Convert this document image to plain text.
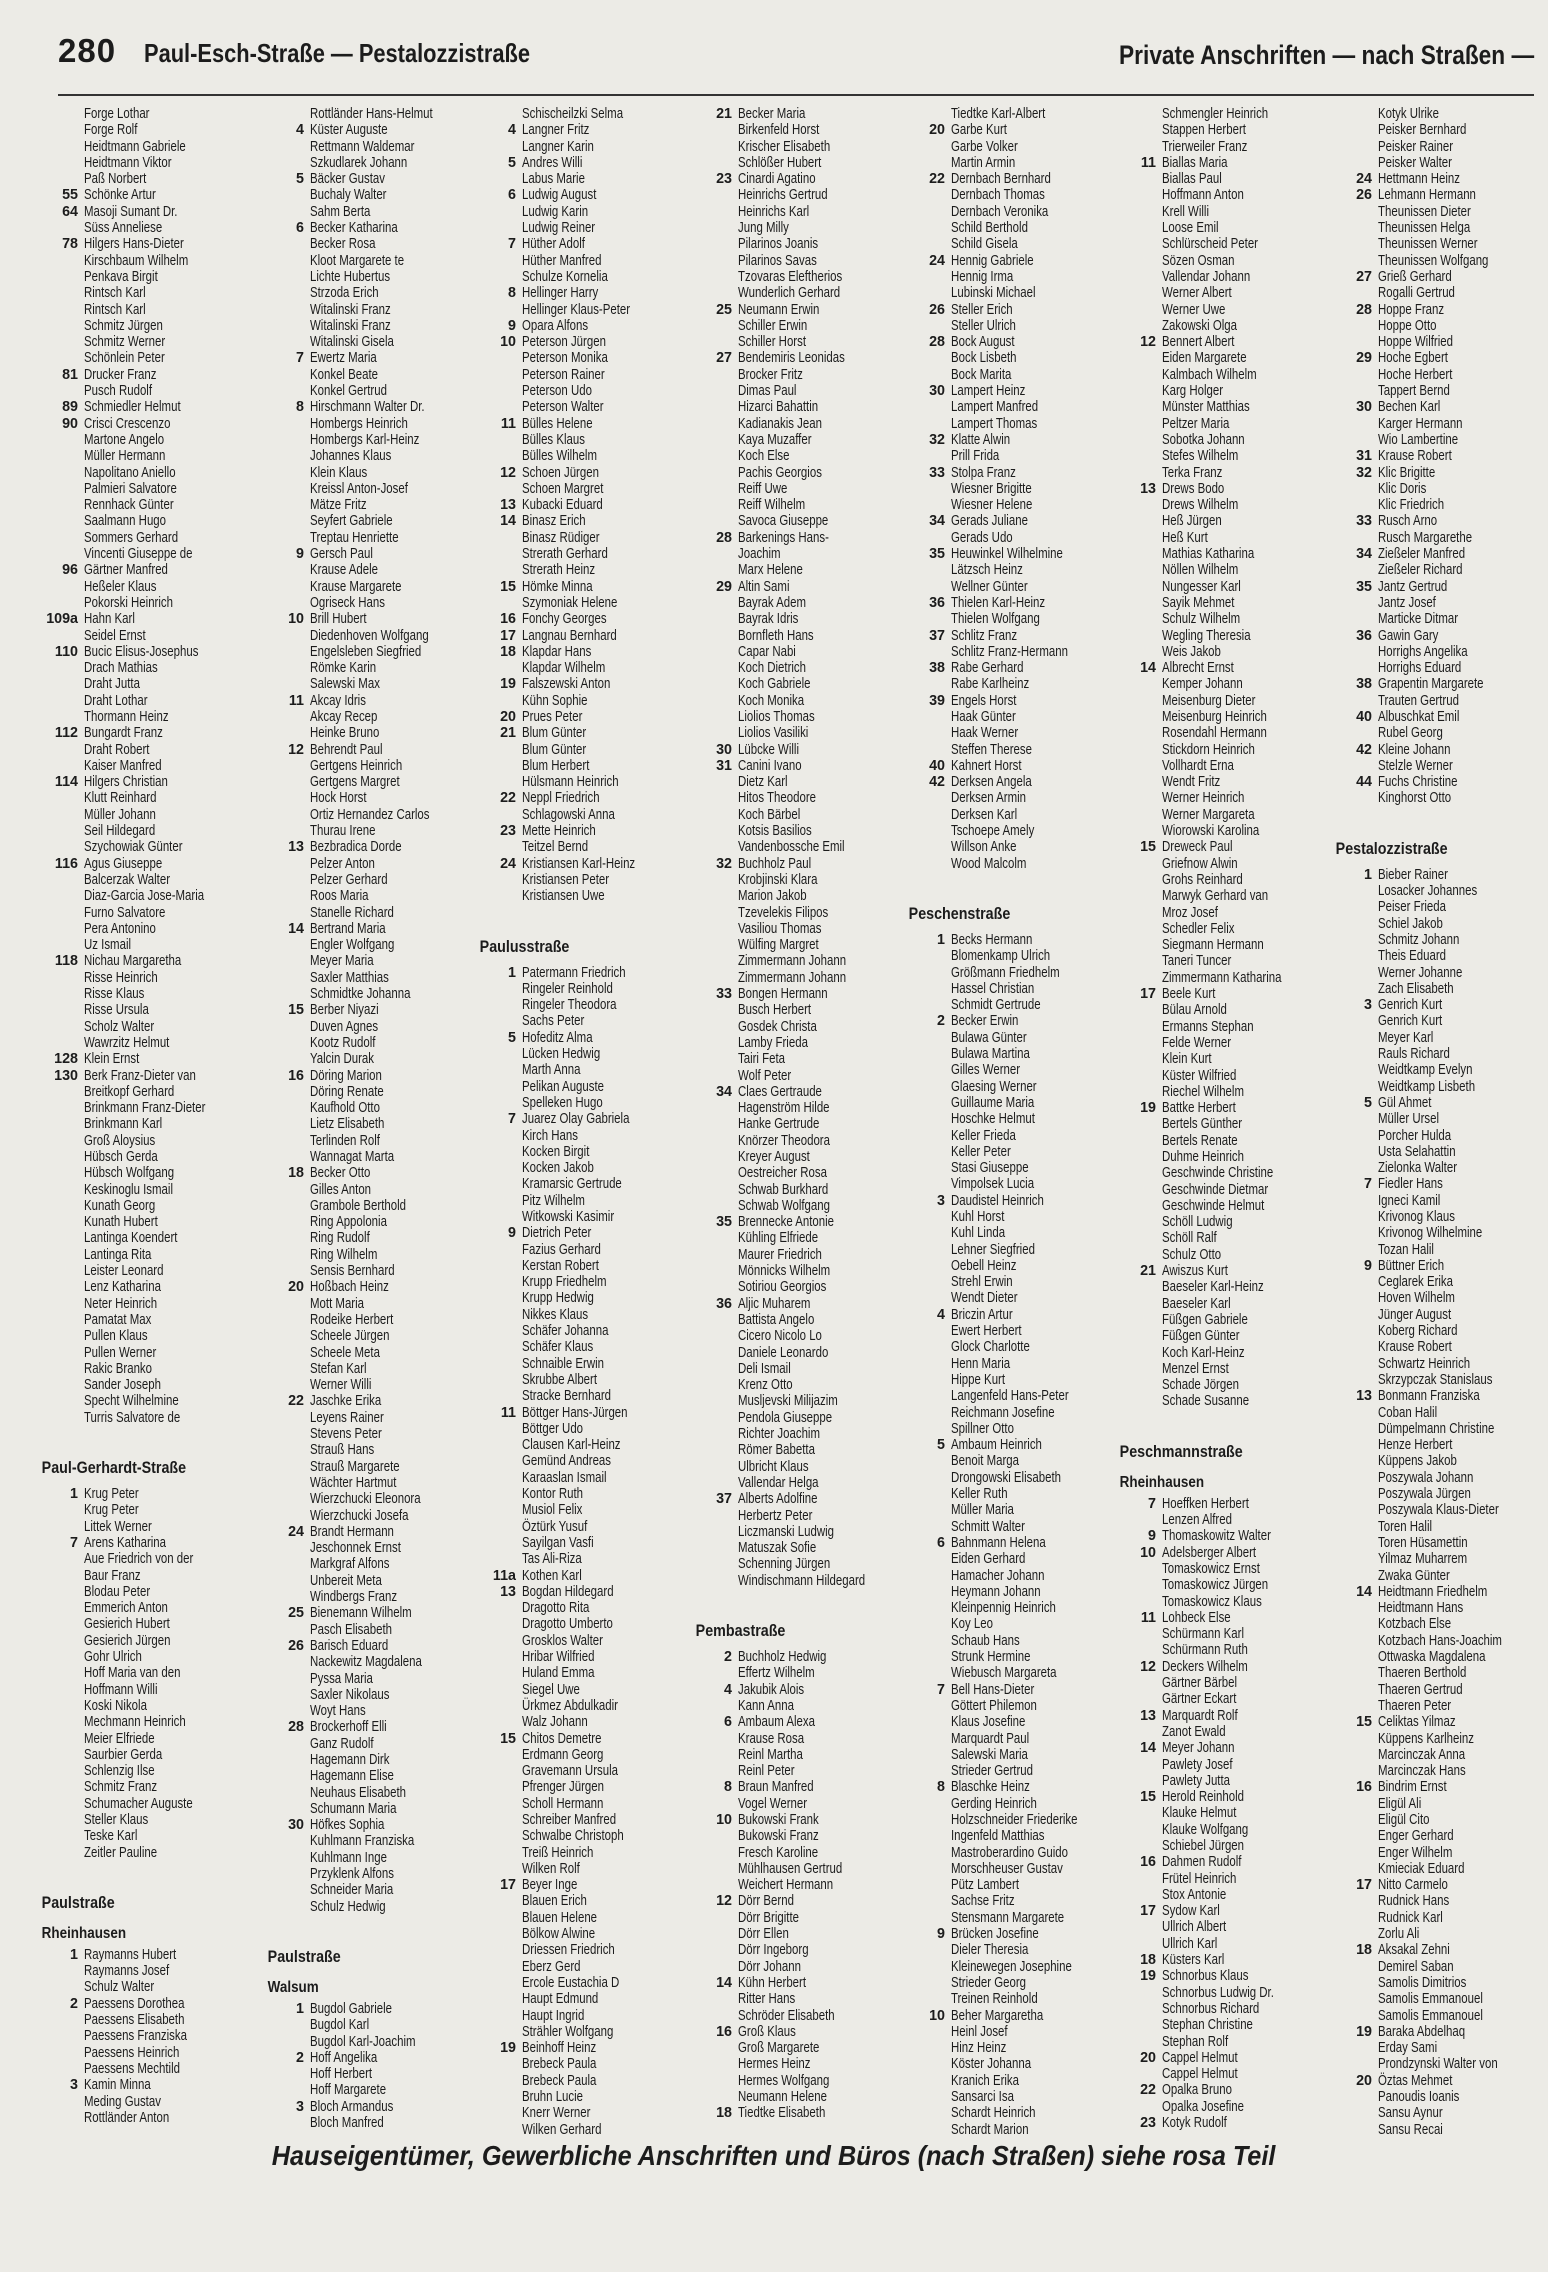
280 Paul-Esch-Straße — Pestalozzistraße	Private Anschriften — nach Straßen —
Forge Lothar
Forge Rolf
Heidtmann Gabriele
Heidtmann Viktor
Paß Norbert
55 Schönke Artur
64 Masoji Sumant Dr.
Süss Anneliese
78 Hilgers Hans-Dieter
Kirschbaum Wilhelm
Penkava Birgit
Rintsch Karl
Rintsch Karl
Schmitz Jürgen
Schmitz Werner
Schönlein Peter
81 Drucker Franz
Pusch Rudolf
89 Schmiedler Helmut
90 Crisci Crescenzo
Martone Angelo
Müller Hermann
Napolitano Aniello
Palmieri Salvatore
Rennhack Günter
Saalmann Hugo
Sommers Gerhard
Vincenti Giuseppe de
96 Gärtner Manfred
Heßeler Klaus
Pokorski Heinrich
109a Hahn Karl
Seidel Ernst
110 Bucic Elisus-Josephus
Drach Mathias
Draht Jutta
Draht Lothar
Thormann Heinz
112 Bungardt Franz
Draht Robert
Kaiser Manfred
114 Hilgers Christian
Klutt Reinhard
Müller Johann
Seil Hildegard
Szychowiak Günter
116 Agus Giuseppe
Balcerzak Walter
Diaz-Garcia Jose-Maria
Furno Salvatore
Pera Antonino
Uz Ismail
118 Nichau Margaretha
Risse Heinrich
Risse Klaus
Risse Ursula
Scholz Walter
Wawrzitz Helmut
128 Klein Ernst
130 Berk Franz-Dieter van
Breitkopf Gerhard
Brinkmann Franz-Dieter
Brinkmann Karl
Groß Aloysius
Hübsch Gerda
Hübsch Wolfgang
Keskinoglu Ismail
Kunath Georg
Kunath Hubert
Lantinga Koendert
Lantinga Rita
Leister Leonard
Lenz Katharina
Neter Heinrich
Pamatat Max
Pullen Klaus
Pullen Werner
Rakic Branko
Sander Joseph
Specht Wilhelmine
Turris Salvatore de
Paul-Gerhardt-Straße
1 Krug Peter
Krug Peter
Littek Werner
7 Arens Katharina
Aue Friedrich von der
Baur Franz
Blodau Peter
Emmerich Anton
Gesierich Hubert
Gesierich Jürgen
Gohr Ulrich
Hoff Maria van den
Hoffmann Willi
Koski Nikola
Mechmann Heinrich
Meier Elfriede
Saurbier Gerda
Schlenzig Ilse
Schmitz Franz
Schumacher Auguste
Steller Klaus
Teske Karl
Zeitler Pauline
Paulstraße
Rheinhausen
1 Raymanns Hubert
Raymanns Josef
Schulz Walter
2 Paessens Dorothea
Paessens Elisabeth
Paessens Franziska
Paessens Heinrich
Paessens Mechtild
3 Kamin Minna
Meding Gustav
Rottländer Anton
Rottländer Hans-Helmut
4 Küster Auguste
Rettmann Waldemar
Szkudlarek Johann
5 Bäcker Gustav
Buchaly Walter
Sahm Berta
6 Becker Katharina
Becker Rosa
Kloot Margarete te
Lichte Hubertus
Strzoda Erich
Witalinski Franz
Witalinski Franz
Witalinski Gisela
7 Ewertz Maria
Konkel Beate
Konkel Gertrud
8 Hirschmann Walter Dr.
Hombergs Heinrich
Hombergs Karl-Heinz
Johannes Klaus
Klein Klaus
Kreissl Anton-Josef
Mätze Fritz
Seyfert Gabriele
Treptau Henriette
9 Gersch Paul
Krause Adele
Krause Margarete
Ogriseck Hans
10 Brill Hubert
Diedenhoven Wolfgang
Engelsleben Siegfried
Römke Karin
Salewski Max
11 Akcay Idris
Akcay Recep
Heinke Bruno
12 Behrendt Paul
Gertgens Heinrich
Gertgens Margret
Hock Horst
Ortiz Hernandez Carlos
Thurau Irene
13 Bezbradica Dorde
Pelzer Anton
Pelzer Gerhard
Roos Maria
Stanelle Richard
14 Bertrand Maria
Engler Wolfgang
Meyer Maria
Saxler Matthias
Schmidtke Johanna
15 Berber Niyazi
Duven Agnes
Kootz Rudolf
Yalcin Durak
16 Döring Marion
Döring Renate
Kaufhold Otto
Lietz Elisabeth
Terlinden Rolf
Wannagat Marta
18 Becker Otto
Gilles Anton
Grambole Berthold
Ring Appolonia
Ring Rudolf
Ring Wilhelm
Sensis Bernhard
20 Hoßbach Heinz
Mott Maria
Rodeike Herbert
Scheele Jürgen
Scheele Meta
Stefan Karl
Werner Willi
22 Jaschke Erika
Leyens Rainer
Stevens Peter
Strauß Hans
Strauß Margarete
Wächter Hartmut
Wierzchucki Eleonora
Wierzchucki Josefa
24 Brandt Hermann
Jeschonnek Ernst
Markgraf Alfons
Unbereit Meta
Windbergs Franz
25 Bienemann Wilhelm
Pasch Elisabeth
26 Barisch Eduard
Nackewitz Magdalena
Pyssa Maria
Saxler Nikolaus
Woyt Hans
28 Brockerhoff Elli
Ganz Rudolf
Hagemann Dirk
Hagemann Elise
Neuhaus Elisabeth
Schumann Maria
30 Höfkes Sophia
Kuhlmann Franziska
Kuhlmann Inge
Przyklenk Alfons
Schneider Maria
Schulz Hedwig
Paulstraße
Walsum
1 Bugdol Gabriele
Bugdol Karl
Bugdol Karl-Joachim
2 Hoff Angelika
Hoff Herbert
Hoff Margarete
3 Bloch Armandus
Bloch Manfred
Schischeilzki Selma
4 Langner Fritz
Langner Karin
5 Andres Willi
Labus Marie
6 Ludwig August
Ludwig Karin
Ludwig Reiner
7 Hüther Adolf
Hüther Manfred
Schulze Kornelia
8 Hellinger Harry
Hellinger Klaus-Peter
9 Opara Alfons
10 Peterson Jürgen
Peterson Monika
Peterson Rainer
Peterson Udo
Peterson Walter
11 Bülles Helene
Bülles Klaus
Bülles Wilhelm
12 Schoen Jürgen
Schoen Margret
13 Kubacki Eduard
14 Binasz Erich
Binasz Rüdiger
Strerath Gerhard
Strerath Heinz
15 Hömke Minna
Szymoniak Helene
16 Fonchy Georges
17 Langnau Bernhard
18 Klapdar Hans
Klapdar Wilhelm
19 Falszewski Anton
Kühn Sophie
20 Prues Peter
21 Blum Günter
Blum Günter
Blum Herbert
Hülsmann Heinrich
22 Neppl Friedrich
Schlagowski Anna
23 Mette Heinrich
Teitzel Bernd
24 Kristiansen Karl-Heinz
Kristiansen Peter
Kristiansen Uwe
Paulusstraße
1 Patermann Friedrich
Ringeler Reinhold
Ringeler Theodora
Sachs Peter
5 Hofeditz Alma
Lücken Hedwig
Marth Anna
Pelikan Auguste
Spelleken Hugo
7 Juarez Olay Gabriela
Kirch Hans
Kocken Birgit
Kocken Jakob
Kramarsic Gertrude
Pitz Wilhelm
Witkowski Kasimir
9 Dietrich Peter
Fazius Gerhard
Kerstan Robert
Krupp Friedhelm
Krupp Hedwig
Nikkes Klaus
Schäfer Johanna
Schäfer Klaus
Schnaible Erwin
Skrubbe Albert
Stracke Bernhard
11 Böttger Hans-Jürgen
Böttger Udo
Clausen Karl-Heinz
Gemünd Andreas
Karaaslan Ismail
Kontor Ruth
Musiol Felix
Öztürk Yusuf
Sayilgan Vasfi
Tas Ali-Riza
11a Kothen Karl
13 Bogdan Hildegard
Dragotto Rita
Dragotto Umberto
Grosklos Walter
Hribar Wilfried
Huland Emma
Siegel Uwe
Ürkmez Abdulkadir
Walz Johann
15 Chitos Demetre
Erdmann Georg
Gravemann Ursula
Pfrenger Jürgen
Scholl Hermann
Schreiber Manfred
Schwalbe Christoph
Treiß Heinrich
Wilken Rolf
17 Beyer Inge
Blauen Erich
Blauen Helene
Bölkow Alwine
Driessen Friedrich
Eberz Gerd
Ercole Eustachia D
Haupt Edmund
Haupt Ingrid
Strähler Wolfgang
19 Beinhoff Heinz
Brebeck Paula
Brebeck Paula
Bruhn Lucie
Knerr Werner
Wilken Gerhard
21 Becker Maria
Birkenfeld Horst
Krischer Elisabeth
Schlößer Hubert
23 Cinardi Agatino
Heinrichs Gertrud
Heinrichs Karl
Jung Milly
Pilarinos Joanis
Pilarinos Savas
Tzovaras Eleftherios
Wunderlich Gerhard
25 Neumann Erwin
Schiller Erwin
Schiller Horst
27 Bendemiris Leonidas
Brocker Fritz
Dimas Paul
Hizarci Bahattin
Kadianakis Jean
Kaya Muzaffer
Koch Else
Pachis Georgios
Reiff Uwe
Reiff Wilhelm
Savoca Giuseppe
28 Barkenings Hans-
Joachim
Marx Helene
29 Altin Sami
Bayrak Adem
Bayrak Idris
Bornfleth Hans
Capar Nabi
Koch Dietrich
Koch Gabriele
Koch Monika
Liolios Thomas
Liolios Vasiliki
30 Lübcke Willi
31 Canini Ivano
Dietz Karl
Hitos Theodore
Koch Bärbel
Kotsis Basilios
Vandenbossche Emil
32 Buchholz Paul
Krobjinski Klara
Marion Jakob
Tzevelekis Filipos
Vasiliou Thomas
Wülfing Margret
Zimmermann Johann
Zimmermann Johann
33 Bongen Hermann
Busch Herbert
Gosdek Christa
Lamby Frieda
Tairi Feta
Wolf Peter
34 Claes Gertraude
Hagenström Hilde
Hanke Gertrude
Knörzer Theodora
Kreyer August
Oestreicher Rosa
Schwab Burkhard
Schwab Wolfgang
35 Brennecke Antonie
Kühling Elfriede
Maurer Friedrich
Mönnicks Wilhelm
Sotiriou Georgios
36 Aljic Muharem
Battista Angelo
Cicero Nicolo Lo
Daniele Leonardo
Deli Ismail
Krenz Otto
Musljevski Milijazim
Pendola Giuseppe
Richter Joachim
Römer Babetta
Ulbricht Klaus
Vallendar Helga
37 Alberts Adolfine
Herbertz Peter
Liczmanski Ludwig
Matuszak Sofie
Schenning Jürgen
Windischmann Hildegard
Pembastraße
2 Buchholz Hedwig
Effertz Wilhelm
4 Jakubik Alois
Kann Anna
6 Ambaum Alexa
Krause Rosa
Reinl Martha
Reinl Peter
8 Braun Manfred
Vogel Werner
10 Bukowski Frank
Bukowski Franz
Fresch Karoline
Mühlhausen Gertrud
Weichert Hermann
12 Dörr Bernd
Dörr Brigitte
Dörr Ellen
Dörr Ingeborg
Dörr Johann
14 Kühn Herbert
Ritter Hans
Schröder Elisabeth
16 Groß Klaus
Groß Margarete
Hermes Heinz
Hermes Wolfgang
Neumann Helene
18 Tiedtke Elisabeth
Tiedtke Karl-Albert
20 Garbe Kurt
Garbe Volker
Martin Armin
22 Dernbach Bernhard
Dernbach Thomas
Dernbach Veronika
Schild Berthold
Schild Gisela
24 Hennig Gabriele
Hennig Irma
Lubinski Michael
26 Steller Erich
Steller Ulrich
28 Bock August
Bock Lisbeth
Bock Marita
30 Lampert Heinz
Lampert Manfred
Lampert Thomas
32 Klatte Alwin
Prill Frida
33 Stolpa Franz
Wiesner Brigitte
Wiesner Helene
34 Gerads Juliane
Gerads Udo
35 Heuwinkel Wilhelmine
Lätzsch Heinz
Wellner Günter
36 Thielen Karl-Heinz
Thielen Wolfgang
37 Schlitz Franz
Schlitz Franz-Hermann
38 Rabe Gerhard
Rabe Karlheinz
39 Engels Horst
Haak Günter
Haak Werner
Steffen Therese
40 Kahnert Horst
42 Derksen Angela
Derksen Armin
Derksen Karl
Tschoepe Amely
Willson Anke
Wood Malcolm
Peschenstraße
1 Becks Hermann
Blomenkamp Ulrich
Größmann Friedhelm
Hassel Christian
Schmidt Gertrude
2 Becker Erwin
Bulawa Günter
Bulawa Martina
Gilles Werner
Glaesing Werner
Guillaume Maria
Hoschke Helmut
Keller Frieda
Keller Peter
Stasi Giuseppe
Vimpolsek Lucia
3 Daudistel Heinrich
Kuhl Horst
Kuhl Linda
Lehner Siegfried
Oebell Heinz
Strehl Erwin
Wendt Dieter
4 Briczin Artur
Ewert Herbert
Glock Charlotte
Henn Maria
Hippe Kurt
Langenfeld Hans-Peter
Reichmann Josefine
Spillner Otto
5 Ambaum Heinrich
Benoit Marga
Drongowski Elisabeth
Keller Ruth
Müller Maria
Schmitt Walter
6 Bahnmann Helena
Eiden Gerhard
Hamacher Johann
Heymann Johann
Kleinpennig Heinrich
Koy Leo
Schaub Hans
Strunk Hermine
Wiebusch Margareta
7 Bell Hans-Dieter
Göttert Philemon
Klaus Josefine
Marquardt Paul
Salewski Maria
Strieder Gertrud
8 Blaschke Heinz
Gerding Heinrich
Holzschneider Friederike
Ingenfeld Matthias
Mastroberardino Guido
Morschheuser Gustav
Pütz Lambert
Sachse Fritz
Stensmann Margarete
9 Brücken Josefine
Dieler Theresia
Kleinewegen Josephine
Strieder Georg
Treinen Reinhold
10 Beher Margaretha
Heinl Josef
Hinz Heinz
Köster Johanna
Kranich Erika
Sansarci Isa
Schardt Heinrich
Schardt Marion
Schmengler Heinrich
Stappen Herbert
Trierweiler Franz
11 Biallas Maria
Biallas Paul
Hoffmann Anton
Krell Willi
Loose Emil
Schlürscheid Peter
Sözen Osman
Vallendar Johann
Werner Albert
Werner Uwe
Zakowski Olga
12 Bennert Albert
Eiden Margarete
Kalmbach Wilhelm
Karg Holger
Münster Matthias
Peltzer Maria
Sobotka Johann
Stefes Wilhelm
Terka Franz
13 Drews Bodo
Drews Wilhelm
Heß Jürgen
Heß Kurt
Mathias Katharina
Nöllen Wilhelm
Nungesser Karl
Sayik Mehmet
Schulz Wilhelm
Wegling Theresia
Weis Jakob
14 Albrecht Ernst
Kemper Johann
Meisenburg Dieter
Meisenburg Heinrich
Rosendahl Hermann
Stickdorn Heinrich
Vollhardt Erna
Wendt Fritz
Werner Heinrich
Werner Margareta
Wiorowski Karolina
15 Dreweck Paul
Griefnow Alwin
Grohs Reinhard
Marwyk Gerhard van
Mroz Josef
Schedler Felix
Siegmann Hermann
Taneri Tuncer
Zimmermann Katharina
17 Beele Kurt
Bülau Arnold
Ermanns Stephan
Felde Werner
Klein Kurt
Küster Wilfried
Riechel Wilhelm
19 Battke Herbert
Bertels Günther
Bertels Renate
Duhme Heinrich
Geschwinde Christine
Geschwinde Dietmar
Geschwinde Helmut
Schöll Ludwig
Schöll Ralf
Schulz Otto
21 Awiszus Kurt
Baeseler Karl-Heinz
Baeseler Karl
Füßgen Gabriele
Füßgen Günter
Koch Karl-Heinz
Menzel Ernst
Schade Jörgen
Schade Susanne
Peschmannstraße
Rheinhausen
7 Hoeffken Herbert
Lenzen Alfred
9 Thomaskowitz Walter
10 Adelsberger Albert
Tomaskowicz Ernst
Tomaskowicz Jürgen
Tomaskowicz Klaus
11 Lohbeck Else
Schürmann Karl
Schürmann Ruth
12 Deckers Wilhelm
Gärtner Bärbel
Gärtner Eckart
13 Marquardt Rolf
Zanot Ewald
14 Meyer Johann
Pawlety Josef
Pawlety Jutta
15 Herold Reinhold
Klauke Helmut
Klauke Wolfgang
Schiebel Jürgen
16 Dahmen Rudolf
Frütel Heinrich
Stox Antonie
17 Sydow Karl
Ullrich Albert
Ullrich Karl
18 Küsters Karl
19 Schnorbus Klaus
Schnorbus Ludwig Dr.
Schnorbus Richard
Stephan Christine
Stephan Rolf
20 Cappel Helmut
Cappel Helmut
22 Opalka Bruno
Opalka Josefine
23 Kotyk Rudolf
Kotyk Ulrike
Peisker Bernhard
Peisker Rainer
Peisker Walter
24 Hettmann Heinz
26 Lehmann Hermann
Theunissen Dieter
Theunissen Helga
Theunissen Werner
Theunissen Wolfgang
27 Grieß Gerhard
Rogalli Gertrud
28 Hoppe Franz
Hoppe Otto
Hoppe Wilfried
29 Hoche Egbert
Hoche Herbert
Tappert Bernd
30 Bechen Karl
Karger Hermann
Wio Lambertine
31 Krause Robert
32 Klic Brigitte
Klic Doris
Klic Friedrich
33 Rusch Arno
Rusch Margarethe
34 Zießeler Manfred
Zießeler Richard
35 Jantz Gertrud
Jantz Josef
Marticke Ditmar
36 Gawin Gary
Horrighs Angelika
Horrighs Eduard
38 Grapentin Margarete
Trauten Gertrud
40 Albuschkat Emil
Rubel Georg
42 Kleine Johann
Stelzle Werner
44 Fuchs Christine
Kinghorst Otto
Pestalozzistraße
1 Bieber Rainer
Losacker Johannes
Peiser Frieda
Schiel Jakob
Schmitz Johann
Theis Eduard
Werner Johanne
Zach Elisabeth
3 Genrich Kurt
Genrich Kurt
Meyer Karl
Rauls Richard
Weidtkamp Evelyn
Weidtkamp Lisbeth
5 Gül Ahmet
Müller Ursel
Porcher Hulda
Usta Selahattin
Zielonka Walter
7 Fiedler Hans
Igneci Kamil
Krivonog Klaus
Krivonog Wilhelmine
Tozan Halil
9 Büttner Erich
Ceglarek Erika
Hoven Wilhelm
Jünger August
Koberg Richard
Krause Robert
Schwartz Heinrich
Skrzypczak Stanislaus
13 Bonmann Franziska
Coban Halil
Dümpelmann Christine
Henze Herbert
Küppens Jakob
Poszywala Johann
Poszywala Jürgen
Poszywala Klaus-Dieter
Toren Halil
Toren Hüsamettin
Yilmaz Muharrem
Zwaka Günter
14 Heidtmann Friedhelm
Heidtmann Hans
Kotzbach Else
Kotzbach Hans-Joachim
Ottwaska Magdalena
Thaeren Berthold
Thaeren Gertrud
Thaeren Peter
15 Celiktas Yilmaz
Küppens Karlheinz
Marcinczak Anna
Marcinczak Hans
16 Bindrim Ernst
Eligül Ali
Eligül Cito
Enger Gerhard
Enger Wilhelm
Kmieciak Eduard
17 Nitto Carmelo
Rudnick Hans
Rudnick Karl
Zorlu Ali
18 Aksakal Zehni
Demirel Saban
Samolis Dimitrios
Samolis Emmanouel
Samolis Emmanouel
19 Baraka Abdelhaq
Erday Sami
Prondzynski Walter von
20 Öztas Mehmet
Panoudis Ioanis
Sansu Aynur
Sansu Recai
Hauseigentümer, Gewerbliche Anschriften und Büros (nach Straßen) siehe rosa Teil
